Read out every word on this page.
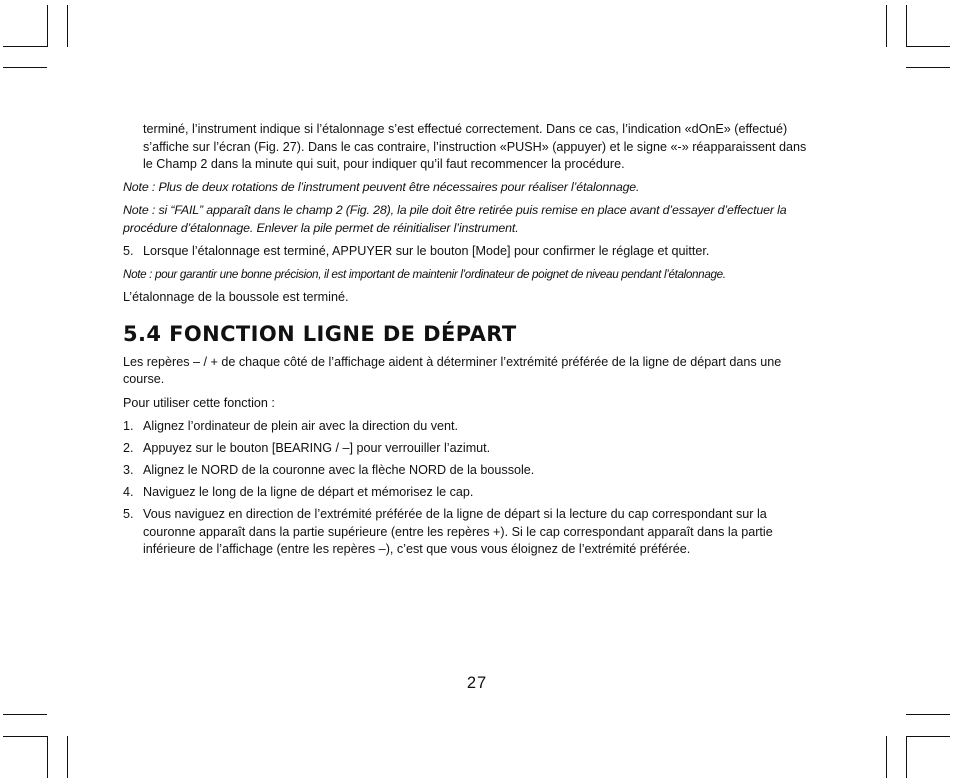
terminé, l’instrument indique si l’étalonnage s’est effectué correctement. Dans ce cas, l’indication «dOnE» (effectué) s’affiche sur l’écran (Fig. 27). Dans le cas contraire, l’instruction «PUSH» (appuyer) et le signe «-» réapparaissent dans le Champ 2 dans la minute qui suit, pour indiquer qu’il faut recommencer la procédure.

Note : Plus de deux rotations de l’instrument peuvent être nécessaires pour réaliser l’étalonnage.

Note : si “FAIL” apparaît dans le champ 2 (Fig. 28), la pile doit être retirée puis remise en place avant d’essayer d’effectuer la procédure d’étalonnage. Enlever la pile permet de réinitialiser l’instrument.

5. Lorsque l’étalonnage est terminé, APPUYER sur le bouton [Mode] pour confirmer le réglage et quitter.

Note : pour garantir une bonne précision, il est important de maintenir l’ordinateur de poignet de niveau pendant l’étalonnage.

L’étalonnage de la boussole est terminé.

5.4 FONCTION LIGNE DE DÉPART

Les repères – / + de chaque côté de l’affichage aident à déterminer l’extrémité préférée de la ligne de départ dans une course.

Pour utiliser cette fonction :

1. Alignez l’ordinateur de plein air avec la direction du vent.
2. Appuyez sur le bouton [BEARING / –] pour verrouiller l’azimut.
3. Alignez le NORD de la couronne avec la flèche NORD de la boussole.
4. Naviguez le long de la ligne de départ et mémorisez le cap.
5. Vous naviguez en direction de l’extrémité préférée de la ligne de départ si la lecture du cap correspondant sur la couronne apparaît dans la partie supérieure (entre les repères +). Si le cap correspondant apparaît dans la partie inférieure de l’affichage (entre les repères –), c’est que vous vous éloignez de l’extrémité préférée.
27
